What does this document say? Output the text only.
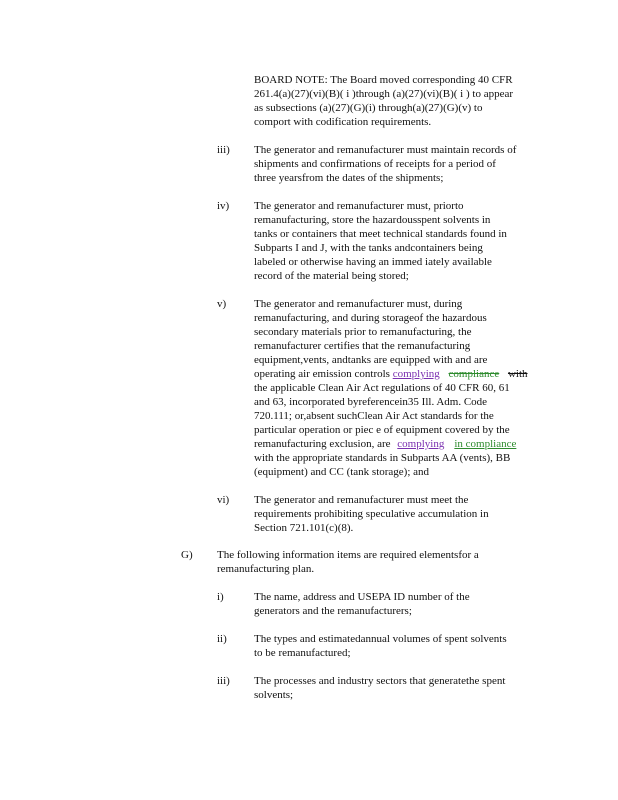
BOARD NOTE: The Board moved corresponding 40 CFR
261.4(a)(27)(vi)(B)( i )through (a)(27)(vi)(B)( i ) to appear
as subsections (a)(27)(G)(i) through(a)(27)(G)(v) to
comport with codification requirements.
iii) The generator and remanufacturer must maintain records of
shipments and confirmations of receipts for a period of
three yearsfrom the dates of the shipments;
iv) The generator and remanufacturer must, priorto
remanufacturing, store the hazardousspent solvents in
tanks or containers that meet technical standards found in
Subparts I and J, with the tanks andcontainers being
labeled or otherwise having an immed iately available
record of the material being stored;
v)	The generator and remanufacturer must, during
remanufacturing, and during storageof the hazardous
secondary materials prior to remanufacturing, the
remanufacturer certifies that the remanufacturing
equipment,vents, andtanks are equipped with and are
operating air emission controls complying compliance with
the applicable Clean Air Act regulations of 40 CFR 60, 61
and 63, incorporated byreferencein35 Ill. Adm. Code
720.111; or,absent suchClean Air Act standards for the
particular operation or piec e of equipment covered by the
remanufacturing exclusion, are complying in compliance
with the appropriate standards in Subparts AA (vents), BB
(equipment) and CC (tank storage); and
vi) The generator and remanufacturer must meet the
requirements prohibiting speculative accumulation in
Section 721.101(c)(8).
G) The following information items are required elementsfor a
remanufacturing plan.
i)	The name, address and USEPA ID number of the
generators and the remanufacturers;
ii) The types and estimatedannual volumes of spent solvents
to be remanufactured;
iii) The processes and industry sectors that generatethe spent
solvents;
